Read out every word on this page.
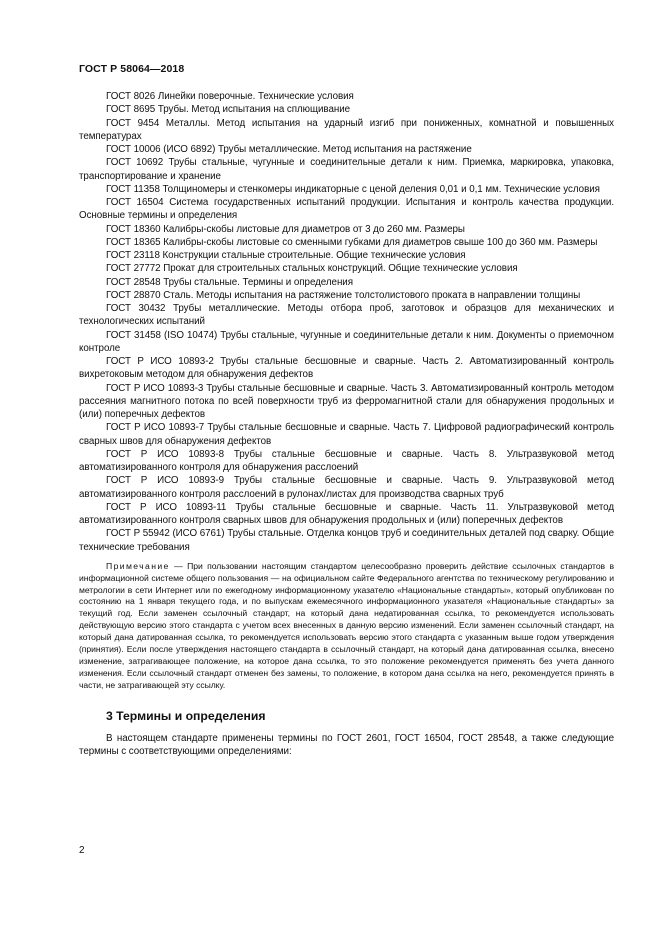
ГОСТ Р 58064—2018

ГОСТ 8026 Линейки поверочные. Технические условия

ГОСТ 8695 Трубы. Метод испытания на сплющивание

ГОСТ 9454 Металлы. Метод испытания на ударный изгиб при пониженных, комнатной и повышенных температурах

ГОСТ 10006 (ИСО 6892) Трубы металлические. Метод испытания на растяжение

ГОСТ 10692 Трубы стальные, чугунные и соединительные детали к ним. Приемка, маркировка, упаковка, транспортирование и хранение

ГОСТ 11358 Толщиномеры и стенкомеры индикаторные с ценой деления 0,01 и 0,1 мм. Технические условия

ГОСТ 16504 Система государственных испытаний продукции. Испытания и контроль качества продукции. Основные термины и определения

ГОСТ 18360 Калибры-скобы листовые для диаметров от 3 до 260 мм. Размеры

ГОСТ 18365 Калибры-скобы листовые со сменными губками для диаметров свыше 100 до 360 мм. Размеры

ГОСТ 23118 Конструкции стальные строительные. Общие технические условия

ГОСТ 27772 Прокат для строительных стальных конструкций. Общие технические условия

ГОСТ 28548 Трубы стальные. Термины и определения

ГОСТ 28870 Сталь. Методы испытания на растяжение толстолистового проката в направлении толщины

ГОСТ 30432 Трубы металлические. Методы отбора проб, заготовок и образцов для механических и технологических испытаний

ГОСТ 31458 (ISO 10474) Трубы стальные, чугунные и соединительные детали к ним. Документы о приемочном контроле

ГОСТ Р ИСО 10893-2 Трубы стальные бесшовные и сварные. Часть 2. Автоматизированный контроль вихретоковым методом для обнаружения дефектов

ГОСТ Р ИСО 10893-3 Трубы стальные бесшовные и сварные. Часть 3. Автоматизированный контроль методом рассеяния магнитного потока по всей поверхности труб из ферромагнитной стали для обнаружения продольных и (или) поперечных дефектов

ГОСТ Р ИСО 10893-7 Трубы стальные бесшовные и сварные. Часть 7. Цифровой радиографический контроль сварных швов для обнаружения дефектов

ГОСТ Р ИСО 10893-8 Трубы стальные бесшовные и сварные. Часть 8. Ультразвуковой метод автоматизированного контроля для обнаружения расслоений

ГОСТ Р ИСО 10893-9 Трубы стальные бесшовные и сварные. Часть 9. Ультразвуковой метод автоматизированного контроля расслоений в рулонах/листах для производства сварных труб

ГОСТ Р ИСО 10893-11 Трубы стальные бесшовные и сварные. Часть 11. Ультразвуковой метод автоматизированного контроля сварных швов для обнаружения продольных и (или) поперечных дефектов

ГОСТ Р 55942 (ИСО 6761) Трубы стальные. Отделка концов труб и соединительных деталей под сварку. Общие технические требования

Примечание — При пользовании настоящим стандартом целесообразно проверить действие ссылочных стандартов в информационной системе общего пользования — на официальном сайте Федерального агентства по техническому регулированию и метрологии в сети Интернет или по ежегодному информационному указателю «Национальные стандарты», который опубликован по состоянию на 1 января текущего года, и по выпускам ежемесячного информационного указателя «Национальные стандарты» за текущий год. Если заменен ссылочный стандарт, на который дана недатированная ссылка, то рекомендуется использовать действующую версию этого стандарта с учетом всех внесенных в данную версию изменений. Если заменен ссылочный стандарт, на который дана датированная ссылка, то рекомендуется использовать версию этого стандарта с указанным выше годом утверждения (принятия). Если после утверждения настоящего стандарта в ссылочный стандарт, на который дана датированная ссылка, внесено изменение, затрагивающее положение, на которое дана ссылка, то это положение рекомендуется применять без учета данного изменения. Если ссылочный стандарт отменен без замены, то положение, в котором дана ссылка на него, рекомендуется принять в части, не затрагивающей эту ссылку.

3 Термины и определения

В настоящем стандарте применены термины по ГОСТ 2601, ГОСТ 16504, ГОСТ 28548, а также следующие термины с соответствующими определениями:

2
